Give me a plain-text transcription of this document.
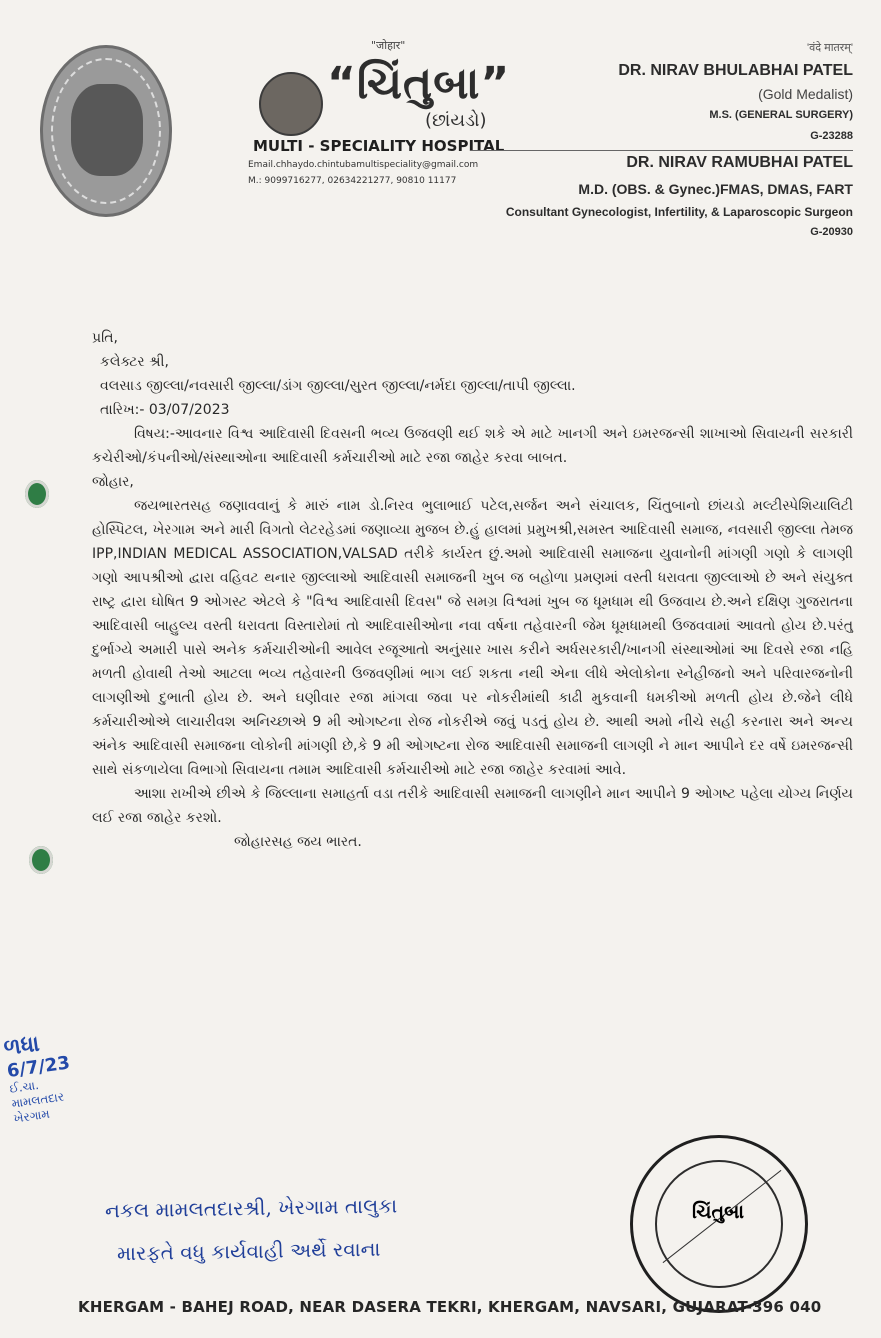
"जोहार"
“ચિંતુબા”
(છાંયડો)
MULTI - SPECIALITY HOSPITAL
Email.chhaydo.chintubamultispeciality@gmail.com
M.: 9099716277, 02634221277, 90810 11177
'वंदे मातरम्'
DR. NIRAV BHULABHAI PATEL
(Gold Medalist)
M.S. (GENERAL SURGERY)
G-23288
DR. NIRAV RAMUBHAI PATEL
M.D. (OBS. & Gynec.)FMAS, DMAS, FART
Consultant Gynecologist, Infertility, & Laparoscopic Surgeon
G-20930
પ્રતિ,
કલેક્ટર શ્રી,
વલસાડ જીલ્લા/નવસારી જીલ્લા/ડાંગ જીલ્લા/સુરત જીલ્લા/નર્મદા જીલ્લા/તાપી જીલ્લા.
તારિખ:- 03/07/2023
વિષય:-આવનાર વિશ્વ આદિવાસી દિવસની ભવ્ય ઉજવણી થઈ શકે એ માટે ખાનગી અને ઇમરજન્સી શાખાઓ સિવાયની સરકારી કચેરીઓ/કંપનીઓ/સંસ્થાઓના આદિવાસી કર્મચારીઓ માટે રજા જાહેર કરવા બાબત.
જોહાર,
જયભારતસહ જણાવવાનું કે મારું નામ ડો.નિરવ ભુલાભાઈ પટેલ,સર્જન અને સંચાલક, ચિંતુબાનો છાંયડો મલ્ટીસ્પેશિયાલિટી હોસ્પિટલ, ખેરગામ અને મારી વિગતો લેટરહેડમાં જણાવ્યા મુજબ છે.હું હાલમાં પ્રમુખશ્રી,સમસ્ત આદિવાસી સમાજ, નવસારી જીલ્લા તેમજ IPP,INDIAN MEDICAL ASSOCIATION,VALSAD તરીકે કાર્યરત છું.અમો આદિવાસી સમાજના યુવાનોની માંગણી ગણો કે લાગણી ગણો આપશ્રીઓ દ્વારા વહિવટ થનાર જીલ્લાઓ આદિવાસી સમાજની ખુબ જ બહોળા પ્રમણમાં વસ્તી ધરાવતા જીલ્લાઓ છે અને સંયુક્ત રાષ્ટ્ર દ્વારા ઘોષિત 9 ઓગસ્ટ એટલે કે "વિશ્વ આદિવાસી દિવસ" જે સમગ્ર વિશ્વમાં ખુબ જ ધૂમધામ થી ઉજવાય છે.અને દક્ષિણ ગુજરાતના આદિવાસી બાહુલ્ય વસ્તી ધરાવતા વિસ્તારોમાં તો આદિવાસીઓના નવા વર્ષના તહેવારની જેમ ધૂમધામથી ઉજવવામાં આવતો હોય છે.પરંતુ દુર્ભાગ્યે અમારી પાસે અનેક કર્મચારીઓની આવેલ રજૂઆતો અનુંસાર ખાસ કરીને અર્ધસરકારી/ખાનગી સંસ્થાઓમાં આ દિવસે રજા નહિ મળતી હોવાથી તેઓ આટલા ભવ્ય તહેવારની ઉજવણીમાં ભાગ લઈ શકતા નથી એના લીધે એલોકોના સ્નેહીજનો અને પરિવારજનોની લાગણીઓ દુભાતી હોય છે. અને ઘણીવાર રજા માંગવા જવા પર નોકરીમાંથી કાઢી મુકવાની ધમકીઓ મળતી હોય છે.જેને લીધે કર્મચારીઓએ લાચારીવશ અનિચ્છાએ 9 મી ઓગષ્ટના રોજ નોકરીએ જવું પડતું હોય છે. આથી અમો નીચે સહી કરનારા અને અન્ય અંનેક આદિવાસી સમાજના લોકોની માંગણી છે,કે 9 મી ઓગષ્ટના રોજ આદિવાસી સમાજની લાગણી ને માન આપીને દર વર્ષે ઇમરજન્સી સાથે સંકળાયેલા વિભાગો સિવાયના તમામ આદિવાસી કર્મચારીઓ માટે રજા જાહેર કરવામાં આવે.
આશા રાખીએ છીએ કે જિલ્લાના સમાહર્તા વડા તરીકે આદિવાસી સમાજની લાગણીને માન આપીને 9 ઓગષ્ટ પહેલા યોગ્ય નિર્ણય લઈ રજા જાહેર કરશો.
જોહારસહ જય ભારત.
નકલ મામલતદારશ્રી, ખેરગામ તાલુકા
મારફતે વધુ કાર્યવાહી અર્થે રવાના
ળધા
6/7/23
ઈ.ચા. મામલતદાર ખેરગામ
ચિંતુબા
KHERGAM - BAHEJ ROAD, NEAR DASERA TEKRI, KHERGAM, NAVSARI, GUJARAT-396 040
